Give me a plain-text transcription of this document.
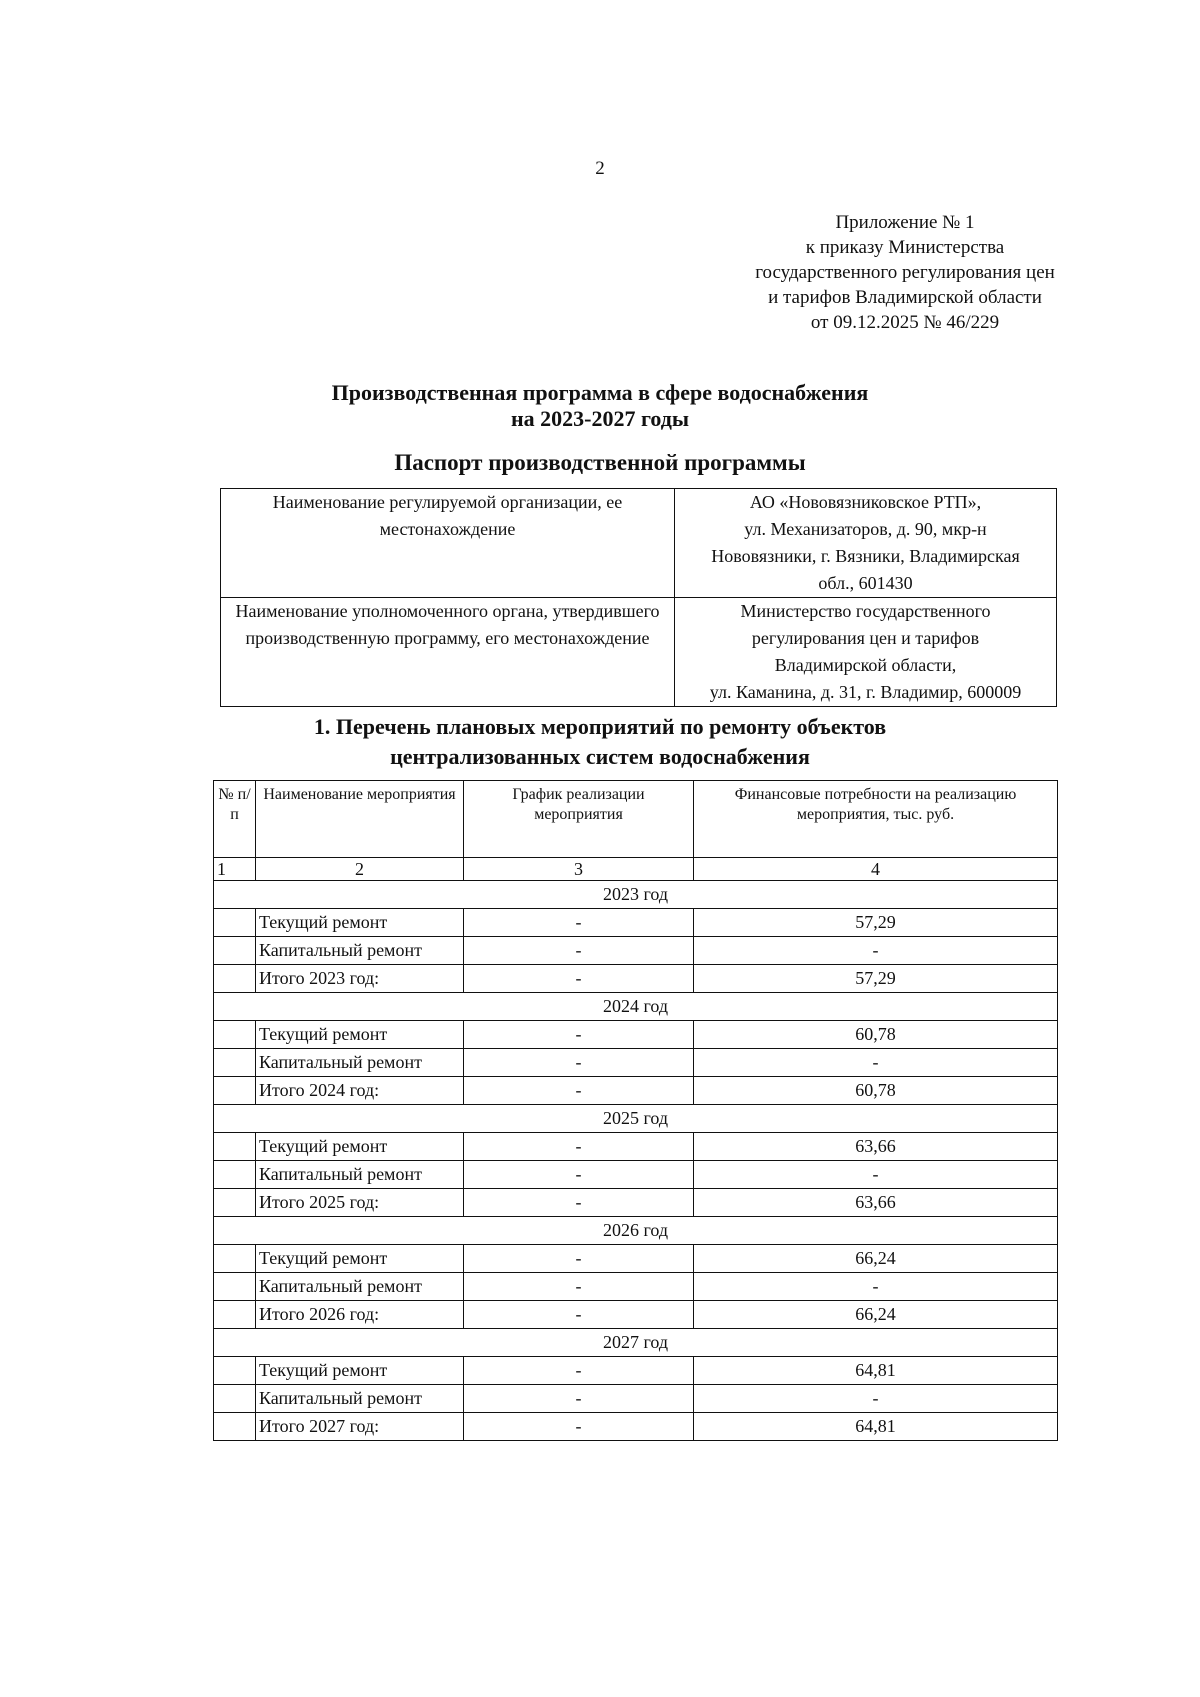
2
Приложение № 1
к приказу Министерства
государственного регулирования цен
и тарифов Владимирской области
от 09.12.2025 № 46/229
Производственная программа в сфере водоснабжения
на 2023-2027 годы
Паспорт производственной программы
Наименование регулируемой организации, ее местонахождение	АО «Нововязниковское РТП»,
ул. Механизаторов, д. 90, мкр-н
Нововязники, г. Вязники, Владимирская
обл., 601430

Наименование уполномоченного органа, утвердившего производственную программу, его местонахождение	Министерство государственного
регулирования цен и тарифов
Владимирской области,
ул. Каманина, д. 31, г. Владимир, 600009
1. Перечень плановых мероприятий по ремонту объектов
централизованных систем водоснабжения
№ п/п	Наименование мероприятия	График реализации мероприятия	Финансовые потребности на реализацию мероприятия, тыс. руб.
1	2	3	4
2023 год			
	Текущий ремонт	-	57,29
	Капитальный ремонт	-	-
	Итого 2023 год:	-	57,29
2024 год			
	Текущий ремонт	-	60,78
	Капитальный ремонт	-	-
	Итого 2024 год:	-	60,78
2025 год			
	Текущий ремонт	-	63,66
	Капитальный ремонт	-	-
	Итого 2025 год:	-	63,66
2026 год			
	Текущий ремонт	-	66,24
	Капитальный ремонт	-	-
	Итого 2026 год:	-	66,24
2027 год			
	Текущий ремонт	-	64,81
	Капитальный ремонт	-	-
	Итого 2027 год:	-	64,81
